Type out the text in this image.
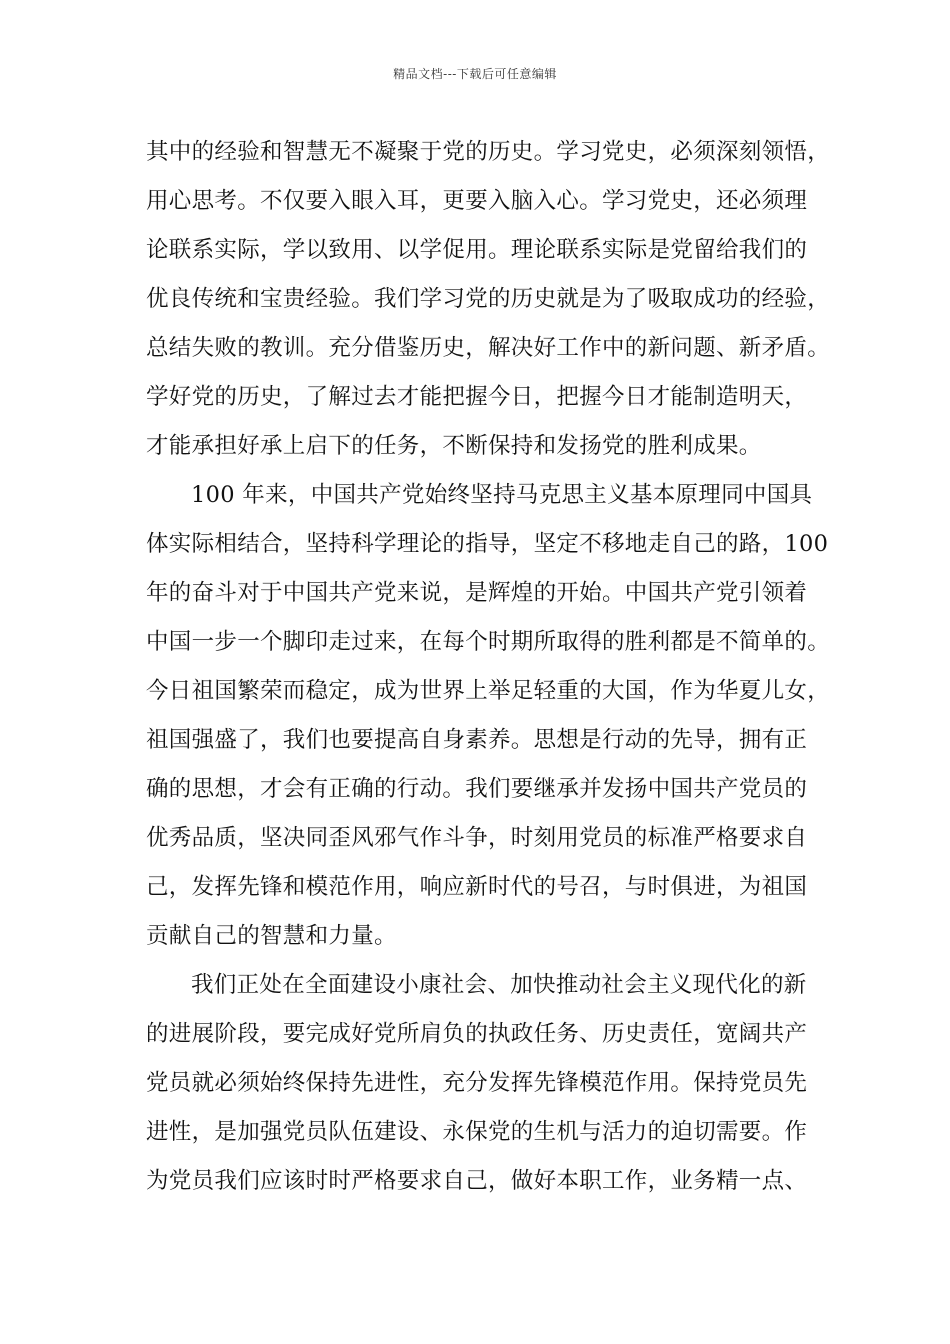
精品文档---下载后可任意编辑
其中的经验和智慧无不凝聚于党的历史。学习党史，必须深刻领悟，
用心思考。不仅要入眼入耳，更要入脑入心。学习党史，还必须理
论联系实际，学以致用、以学促用。理论联系实际是党留给我们的
优良传统和宝贵经验。我们学习党的历史就是为了吸取成功的经验，
总结失败的教训。充分借鉴历史，解决好工作中的新问题、新矛盾。
学好党的历史，了解过去才能把握今日，把握今日才能制造明天，
才能承担好承上启下的任务，不断保持和发扬党的胜利成果。
100 年来，中国共产党始终坚持马克思主义基本原理同中国具
体实际相结合，坚持科学理论的指导，坚定不移地走自己的路，100
年的奋斗对于中国共产党来说，是辉煌的开始。中国共产党引领着
中国一步一个脚印走过来，在每个时期所取得的胜利都是不简单的。
今日祖国繁荣而稳定，成为世界上举足轻重的大国，作为华夏儿女，
祖国强盛了，我们也要提高自身素养。思想是行动的先导，拥有正
确的思想，才会有正确的行动。我们要继承并发扬中国共产党员的
优秀品质，坚决同歪风邪气作斗争，时刻用党员的标准严格要求自
己，发挥先锋和模范作用，响应新时代的号召，与时俱进，为祖国
贡献自己的智慧和力量。
我们正处在全面建设小康社会、加快推动社会主义现代化的新
的进展阶段，要完成好党所肩负的执政任务、历史责任，宽阔共产
党员就必须始终保持先进性，充分发挥先锋模范作用。保持党员先
进性，是加强党员队伍建设、永保党的生机与活力的迫切需要。作
为党员我们应该时时严格要求自己，做好本职工作，业务精一点、
